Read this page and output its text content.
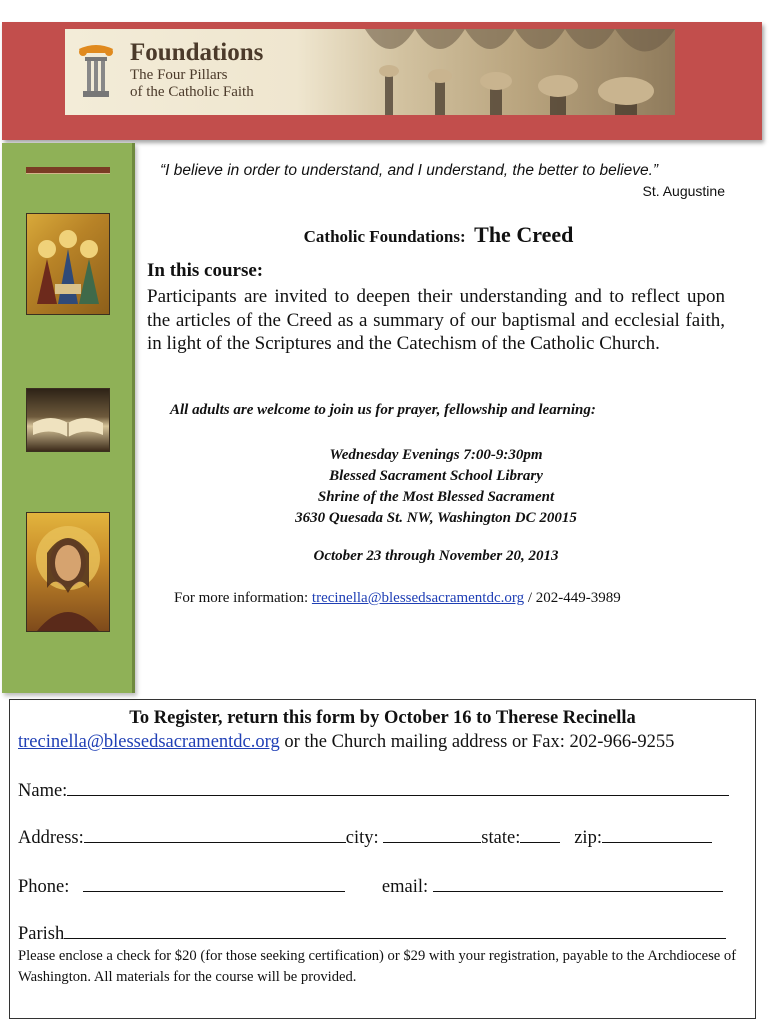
Foundations
The Four Pillars
of the Catholic Faith
“I believe in order to understand, and I understand, the better to believe.”
St. Augustine
Catholic Foundations: The Creed
In this course:
Participants are invited to deepen their understanding and to reflect upon the articles of the Creed as a summary of our baptismal and ecclesial faith, in light of the Scriptures and the Catechism of the Catholic Church.
All adults are welcome to join us for prayer, fellowship and learning:
Wednesday Evenings 7:00-9:30pm
Blessed Sacrament School Library
Shrine of the Most Blessed Sacrament
3630 Quesada St. NW, Washington DC 20015
October 23 through November 20, 2013
For more information: trecinella@blessedsacramentdc.org / 202-449-3989
To Register, return this form by October 16 to Therese Recinella
trecinella@blessedsacramentdc.org or the Church mailing address or Fax: 202-966-9255
Name:
Address:	city:	state:	zip:
Phone:	email:
Parish
Please enclose a check for $20 (for those seeking certification) or $29 with your registration, payable to the Archdiocese of Washington. All materials for the course will be provided.
